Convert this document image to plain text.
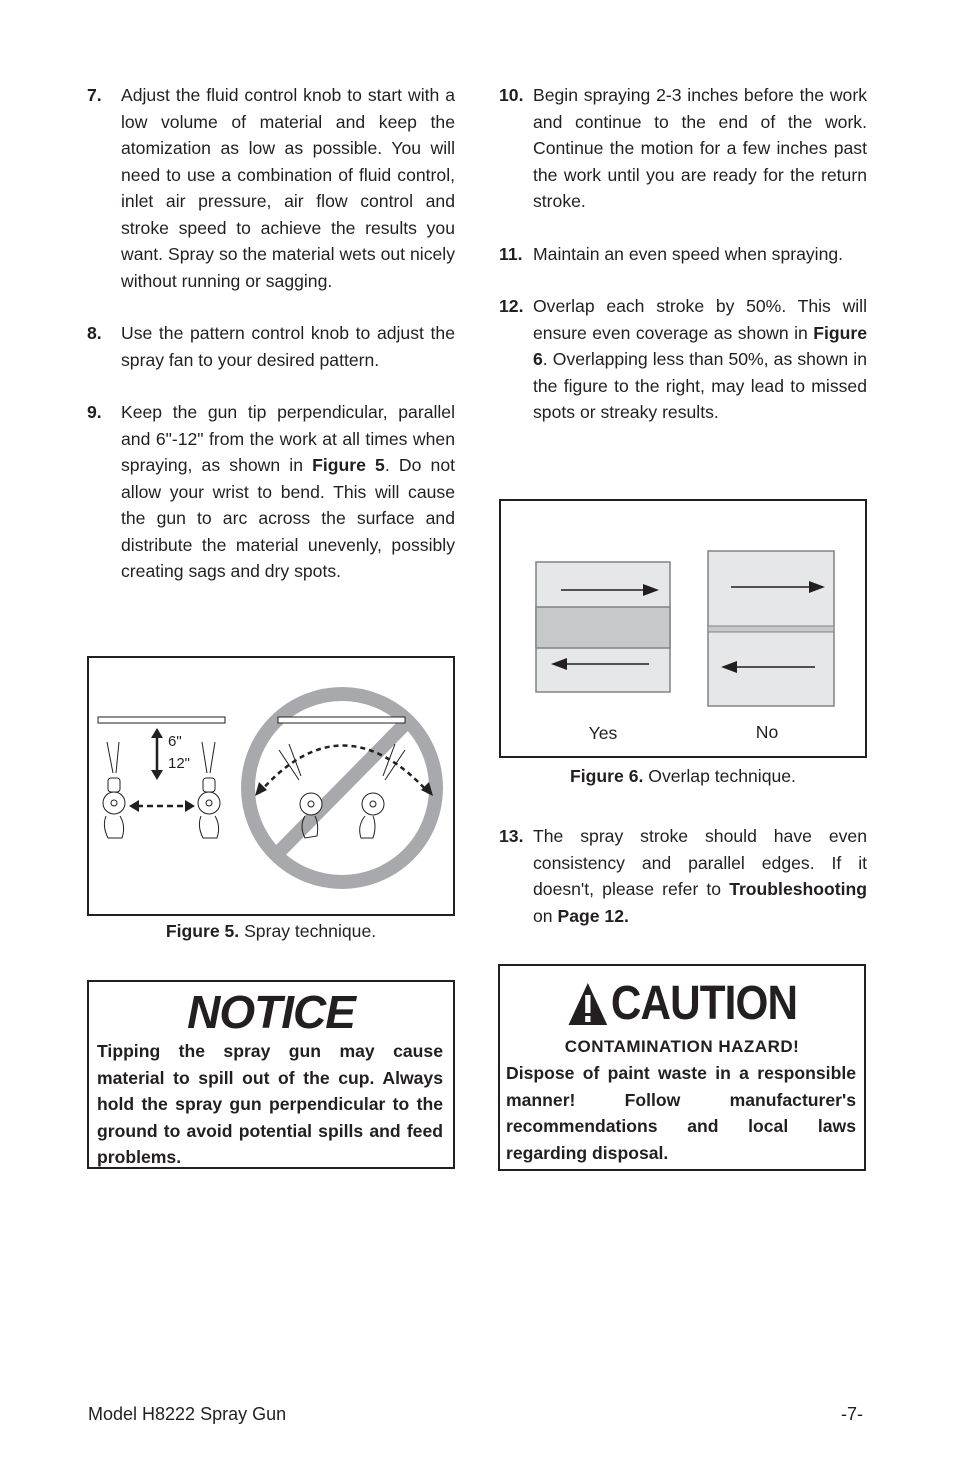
7. Adjust the fluid control knob to start with a low volume of material and keep the atomization as low as possible. You will need to use a combination of fluid control, inlet air pressure, air flow control and stroke speed to achieve the results you want. Spray so the material wets out nicely without running or sagging.
8. Use the pattern control knob to adjust the spray fan to your desired pattern.
9. Keep the gun tip perpendicular, parallel and 6"-12" from the work at all times when spraying, as shown in Figure 5. Do not allow your wrist to bend. This will cause the gun to arc across the surface and distribute the material unevenly, possibly creating sags and dry spots.
6"
12"
Figure 5. Spray technique.
NOTICE
Tipping the spray gun may cause material to spill out of the cup. Always hold the spray gun perpendicular to the ground to avoid potential spills and feed problems.
10. Begin spraying 2-3 inches before the work and continue to the end of the work. Continue the motion for a few inches past the work until you are ready for the return stroke.
11. Maintain an even speed when spraying.
12. Overlap each stroke by 50%. This will ensure even coverage as shown in Figure 6. Overlapping less than 50%, as shown in the figure to the right, may lead to missed spots or streaky results.
Yes	No
Figure 6. Overlap technique.
13. The spray stroke should have even consistency and parallel edges. If it doesn't, please refer to Troubleshooting on Page 12.
CAUTION
CONTAMINATION HAZARD!
Dispose of paint waste in a responsible manner! Follow manufacturer's recommendations and local laws regarding disposal.
Model H8222 Spray Gun	-7-
